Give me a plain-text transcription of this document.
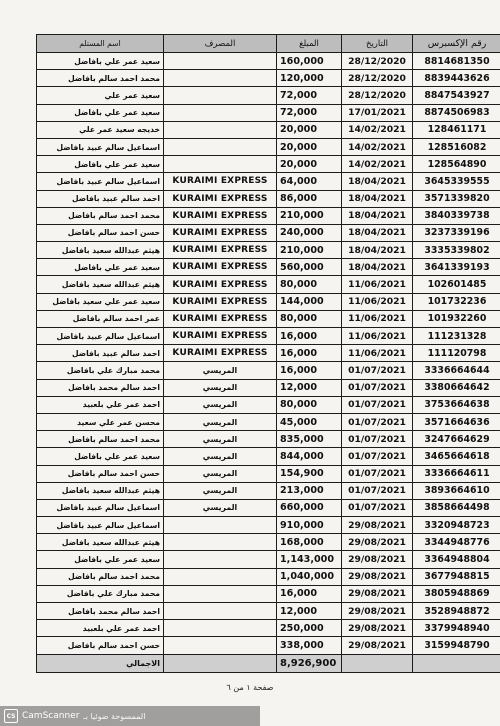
رقم الإكسبرس	التاريخ	المبلغ	المصرف	اسم المستلم
8814681350	28/12/2020	160,000		سعيد عمر علي بافاضل
8839443626	28/12/2020	120,000		محمد احمد سالم بافاضل
8847543927	28/12/2020	72,000		سعيد عمر علي
8874506983	17/01/2021	72,000		سعيد عمر علي بافاضل
128461171	14/02/2021	20,000		خديجه سعيد عمر علي
128516082	14/02/2021	20,000		اسماعيل سالم عبيد بافاضل
128564890	14/02/2021	20,000		سعيد عمر علي بافاضل
3645339555	18/04/2021	64,000	KURAIMI EXPRESS	اسماعيل سالم عبيد بافاضل
3571339820	18/04/2021	86,000	KURAIMI EXPRESS	احمد سالم عبيد بافاضل
3840339738	18/04/2021	210,000	KURAIMI EXPRESS	محمد احمد سالم بافاضل
3237339196	18/04/2021	240,000	KURAIMI EXPRESS	حسن احمد سالم بافاضل
3335339802	18/04/2021	210,000	KURAIMI EXPRESS	هيثم عبدالله سعيد بافاضل
3641339193	18/04/2021	560,000	KURAIMI EXPRESS	سعيد عمر علي بافاضل
102601485	11/06/2021	80,000	KURAIMI EXPRESS	هيثم عبدالله سعيد بافاضل
101732236	11/06/2021	144,000	KURAIMI EXPRESS	سعيد عمر علي سعيد بافاضل
101932260	11/06/2021	80,000	KURAIMI EXPRESS	عمر احمد سالم بافاضل
111231328	11/06/2021	16,000	KURAIMI EXPRESS	اسماعيل سالم عبيد بافاضل
111120798	11/06/2021	16,000	KURAIMI EXPRESS	احمد سالم عبيد بافاضل
3336664644	01/07/2021	16,000	المريسي	محمد مبارك علي بافاضل
3380664642	01/07/2021	12,000	المريسي	احمد سالم محمد بافاضل
3753664638	01/07/2021	80,000	المريسي	احمد عمر علي بلعبيد
3571664636	01/07/2021	45,000	المريسي	محسن عمر علي سعيد
3247664629	01/07/2021	835,000	المريسي	محمد احمد سالم بافاضل
3465664618	01/07/2021	844,000	المريسي	سعيد عمر علي بافاضل
3336664611	01/07/2021	154,900	المريسي	حسن احمد سالم بافاضل
3893664610	01/07/2021	213,000	المريسي	هيثم عبدالله سعيد بافاضل
3858664498	01/07/2021	660,000	المريسي	اسماعيل سالم عبيد بافاضل
3320948723	29/08/2021	910,000		اسماعيل سالم عبيد بافاضل
3344948776	29/08/2021	168,000		هيثم عبدالله سعيد بافاضل
3364948804	29/08/2021	1,143,000		سعيد عمر علي بافاضل
3677948815	29/08/2021	1,040,000		محمد احمد سالم بافاضل
3805948869	29/08/2021	16,000		محمد مبارك علي بافاضل
3528948872	29/08/2021	12,000		احمد سالم محمد بافاضل
3379948940	29/08/2021	250,000		احمد عمر علي بلعبيد
3159948790	29/08/2021	338,000		حسن احمد سالم بافاضل
		8,926,900		الاجمالي
صفحة ١ من ٦
CS CamScanner الممسوحة ضوئيا بـ
